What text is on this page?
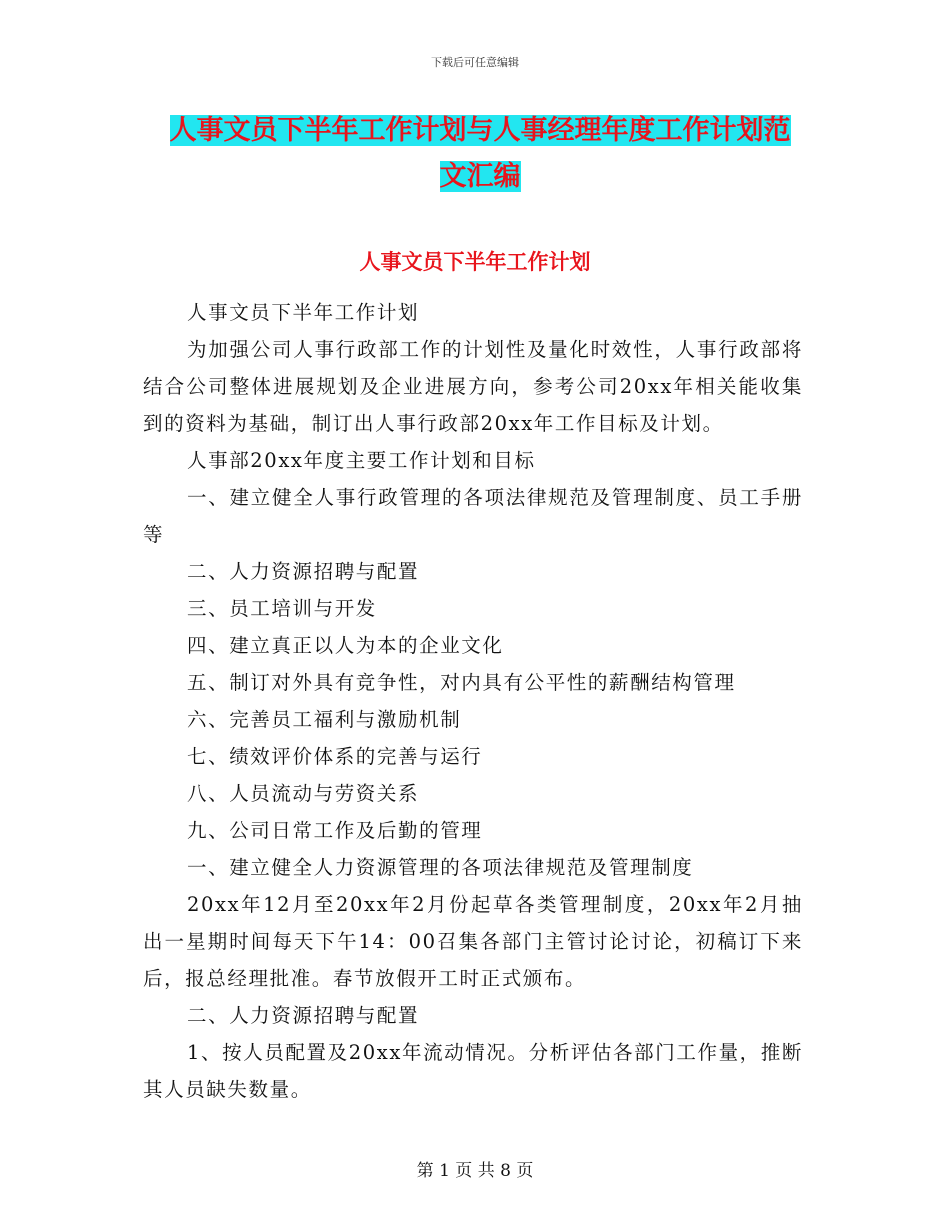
下载后可任意编辑
人事文员下半年工作计划与人事经理年度工作计划范
文汇编
人事文员下半年工作计划

人事文员下半年工作计划

为加强公司人事行政部工作的计划性及量化时效性，人事行政部将结合公司整体进展规划及企业进展方向，参考公司20xx年相关能收集到的资料为基础，制订出人事行政部20xx年工作目标及计划。

人事部20xx年度主要工作计划和目标

一、建立健全人事行政管理的各项法律规范及管理制度、员工手册等

二、人力资源招聘与配置

三、员工培训与开发

四、建立真正以人为本的企业文化

五、制订对外具有竞争性，对内具有公平性的薪酬结构管理

六、完善员工福利与激励机制

七、绩效评价体系的完善与运行

八、人员流动与劳资关系

九、公司日常工作及后勤的管理

一、建立健全人力资源管理的各项法律规范及管理制度

20xx年12月至20xx年2月份起草各类管理制度，20xx年2月抽出一星期时间每天下午14：00召集各部门主管讨论讨论，初稿订下来后，报总经理批准。春节放假开工时正式颁布。

二、人力资源招聘与配置

1、按人员配置及20xx年流动情况。分析评估各部门工作量，推断其人员缺失数量。

第 1 页 共 8 页
